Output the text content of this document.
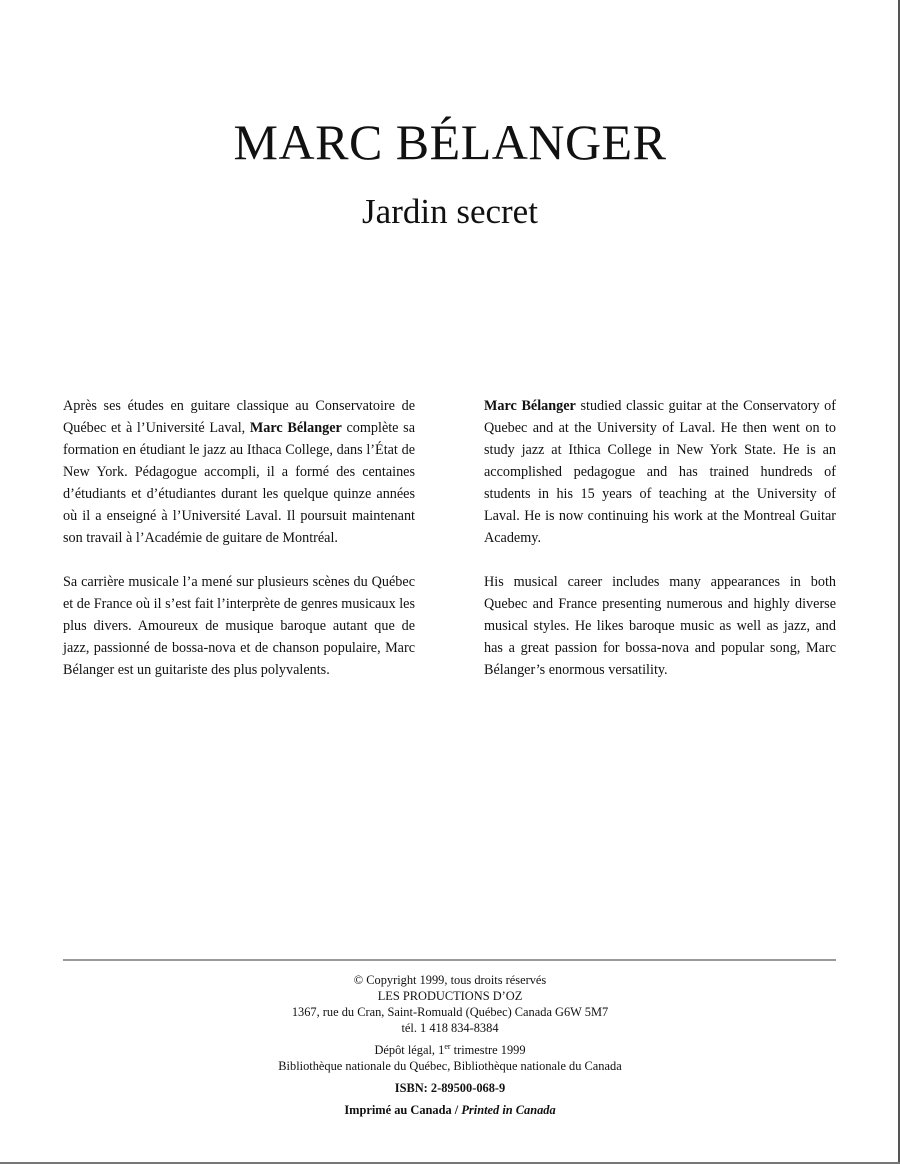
MARC BÉLANGER
Jardin secret

Après ses études en guitare classique au Conservatoire de Québec et à l’Université Laval, Marc Bélanger complète sa formation en étudiant le jazz au Ithaca College, dans l’État de New York. Pédagogue accompli, il a formé des centaines d’étudiants et d’étudiantes durant les quelque quinze années où il a enseigné à l’Université Laval. Il poursuit maintenant son travail à l’Académie de guitare de Montréal.

Sa carrière musicale l’a mené sur plusieurs scènes du Québec et de France où il s’est fait l’interprète de genres musicaux les plus divers. Amoureux de musique baroque autant que de jazz, passionné de bossa-nova et de chanson populaire, Marc Bélanger est un guitariste des plus polyvalents.

Marc Bélanger studied classic guitar at the Conservatory of Quebec and at the University of Laval. He then went on to study jazz at Ithica College in New York State. He is an accomplished pedagogue and has trained hundreds of students in his 15 years of teaching at the University of Laval. He is now continuing his work at the Montreal Guitar Academy.

His musical career includes many appearances in both Quebec and France presenting numerous and highly diverse musical styles. He likes baroque music as well as jazz, and has a great passion for bossa-nova and popular song, Marc Bélanger’s enormous versatility.

© Copyright 1999, tous droits réservés
LES PRODUCTIONS D’OZ
1367, rue du Cran, Saint-Romuald (Québec) Canada G6W 5M7
tél. 1 418 834-8384
Dépôt légal, 1er trimestre 1999
Bibliothèque nationale du Québec, Bibliothèque nationale du Canada
ISBN: 2-89500-068-9
Imprimé au Canada / Printed in Canada
